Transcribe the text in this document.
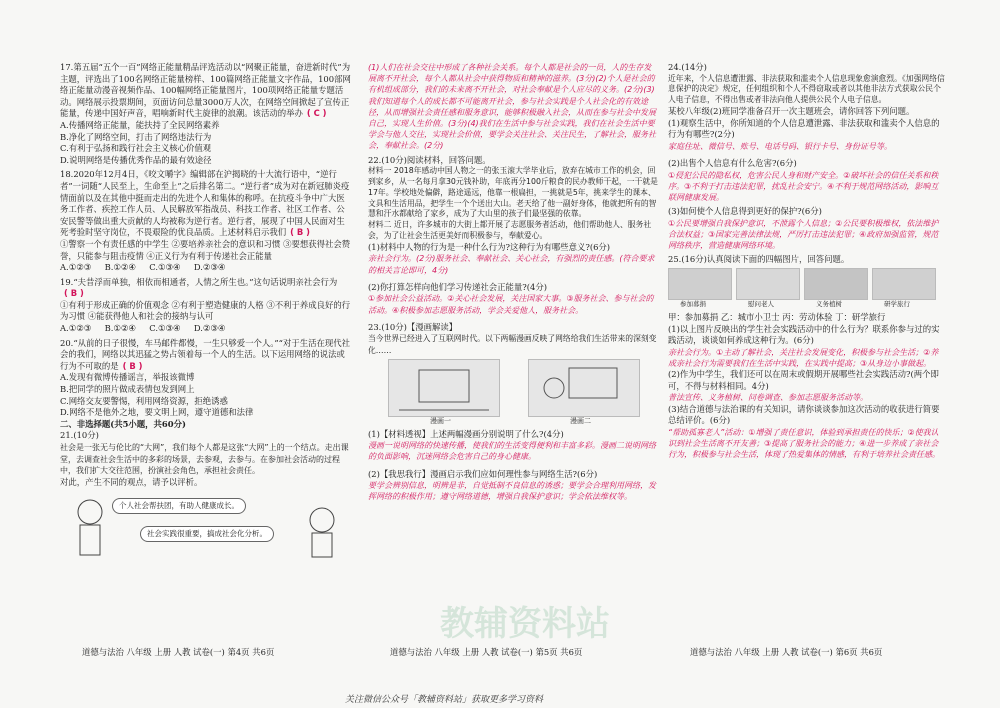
17.第五届“五个一百”网络正能量精品评选活动以“网聚正能量，奋进新时代”为主题，评选出了100名网络正能量榜样、100篇网络正能量文字作品，100部网络正能量动漫音视频作品、100幅网络正能量图片，100项网络正能量专题活动。网络展示投票期间，页面访问总量3000万人次，在网络空间掀起了宣传正能量，传递中国好声音，唱响新时代主旋律的浪潮。该活动的举办 ( C )

A.传播网络正能量，能扶持了全民网络素养

B.净化了网络空间，打击了网络违法行为

C.有利于弘扬和践行社会主义核心价值观

D.说明网络是传播优秀作品的最有效途径

18.2020年12月4日，《咬文嚼字》编辑部在沪揭晓的十大流行语中，“逆行者”一词随“人民至上，生命至上”之后排名第二。“逆行者”成为对在新冠肺炎疫情面前以及在其他中挺而走出的先进个人和集体的称呼。在抗疫斗争中广大医务工作者、疾控工作人员、人民解放军指战员、科技工作者、社区工作者、公安民警等做出重大贡献的人均被称为逆行者。逆行者，展现了中国人民面对生死考验时坚守岗位，不畏艰险的优良品质。上述材料启示我们 ( B )

①警察一个有责任感的中学生 ②要培养亲社会的意识和习惯 ③要想获得社会赞誉，只能参与阻击疫情 ④正义行为有利于传递社会正能量

A.①②③ B.①②④ C.①③④ D.②③④

19.“夫昔浮而单独，相依而相通者，人情之所生也。”这句话说明亲社会行为( B )

①有利于形成正确的价值观念 ②有利于塑造健康的人格 ③不利于养成良好的行为习惯 ④能获得他人和社会的接纳与认可

A.①②③ B.①②④ C.①③④ D.②③④

20.“从前的日子很慢，车马邮件都慢，一生只够爱一个人。”“对于生活在现代社会的我们，网络以其迅猛之势占领着每一个人的生活。以下运用网络的说法或行为不可取的是 ( B )

A.发现有微博传播谣言，举报该微博

B.把同学的照片做成表情包发到网上

C.网络交友要警惕，利用网络资源，拒绝诱惑

D.网络不是他外之地，要文明上网，遵守道德和法律

二、非选择题(共5小题，共60分)

21.(10分)

社会是一张无与伦比的“大网”，我们每个人都是这张“大网”上的一个结点。走出课堂，去调查社会生活中的多彩的场景，去参观，去参与。在参加社会活动的过程中，我们扩大交往范围，扮演社会角色，承担社会责任。

对此，产生不同的观点，请予以评析。

个人社会帮扶团，有助人健康成长。
社会实践很重要，搞成社会化分析。

(1)人们在社会交往中形成了各种社会关系。每个人都是社会的一员，人的生存发展离不开社会，每个人都从社会中获得物质和精神的滋养。(3分)(2)个人是社会的有机组成部分，我们的未来离不开社会，对社会奉献是个人应尽的义务。(2分)(3)我们知道每个人的成长都不可能离开社会，参与社会实践是个人社会化的有效途径，从而增强社会责任感和服务意识，能够积极融入社会，从而在参与社会中发展自己，实现人生价值。(3分)(4)我们在生活中参与社会实践，我们在社会生活中要学会与他人交往，实现社会价值，要学会关注社会、关注民生，了解社会，服务社会，奉献社会。(2分)

22.(10分)阅读材料，回答问题。

材料一 2018年感动中国人物之一的张玉滚大学毕业后，放弃在城市工作的机会，回到家乡，从一名每月拿30元钱补助，年底再分100斤粮食的民办教师干起，一干就是17年。学校地处偏僻，路途遥远，他靠一根扁担，一挑就是5年，挑来学生的课本、文具和生活用品，把学生一个个送出大山。老天给了他一副好身体，他就把所有的智慧和汗水都献给了家乡，成为了大山里的孩子们最坚强的依靠。

材料二 近日，许多城市的大街上都开展了志愿服务者活动，他们帮助他人、服务社会，为了让社会生活更美好而积极参与，奉献爱心。

(1)材料中人物的行为是一种什么行为?这种行为有哪些意义?(6分)

亲社会行为。(2分)服务社会、奉献社会、关心社会，有强烈的责任感。(符合要求的相关言论即可，4分)

(2)你打算怎样向他们学习传递社会正能量?(4分)

①参加社会公益活动。②关心社会发展，关注国家大事。③服务社会、参与社会的活动。④积极参加志愿服务活动，学会关爱他人，服务社会。

23.(10分)【漫画解读】

当今世界已经进入了互联网时代。以下两幅漫画反映了网络给我们生活带来的深刻变化……

漫画一	漫画二

(1)【材料透视】上述两幅漫画分别说明了什么?(4分)

漫画一说明网络的快速传播，使我们的生活变得便利和丰富多彩。漫画二说明网络的负面影响，沉迷网络会危害自己的身心健康。

(2)【我思我行】漫画启示我们应如何理性参与网络生活?(6分)

要学会辨别信息，明辨是非，自觉抵制不良信息的诱惑；要学会合理利用网络，发挥网络的积极作用；遵守网络道德，增强自我保护意识；学会依法维权等。

24.(14分)

近年来，个人信息遭泄露、非法获取和滥卖个人信息现象愈演愈烈。《加强网络信息保护的决定》规定，任何组织和个人不得窃取或者以其他非法方式获取公民个人电子信息，不得出售或者非法向他人提供公民个人电子信息。

某校八年级(2)班同学准备召开一次主题班会，请你回答下列问题。

(1)观察生活中，你所知道的个人信息遭泄露、非法获取和滥卖个人信息的行为有哪些?(2分)

家庭住址、微信号、账号、电话号码、银行卡号、身份证号等。

(2)出售个人信息有什么危害?(6分)

①侵犯公民的隐私权，危害公民人身和财产安全。②破坏社会的信任关系和秩序。③不利于打击违法犯罪，扰乱社会安宁。④不利于规范网络活动，影响互联网健康发展。

(3)如何使个人信息得到更好的保护?(6分)

①公民要增强自我保护意识，不泄露个人信息；②公民要积极维权，依法维护合法权益；③国家完善法律法规，严厉打击违法犯罪；④政府加强监管，规范网络秩序，营造健康网络环境。

25.(16分)认真阅读下面的四幅图片，回答问题。

参加募捐	慰问老人	义务植树	研学旅行

甲：参加募捐 乙：城市小卫士 丙：劳动体验 丁：研学旅行

(1)以上图片反映出的学生社会实践活动中的什么行为？联系你参与过的实践活动，谈谈如何养成这种行为。(6分)

亲社会行为。①主动了解社会，关注社会发展变化，积极参与社会生活；②养成亲社会行为需要我们在生活中实践，在实践中提高；③从身边小事做起。

(2)作为中学生，我们还可以在周末或假期开展哪些社会实践活动?(两个即可，不得与材料相同。4分)

普法宣传、义务植树、问卷调查、参加志愿服务活动等。

(3)结合道德与法治课的有关知识，请你谈谈参加这次活动的收获进行简要总结评价。(6分)

“帮助孤寡老人”活动：①增强了责任意识，体验到承担责任的快乐；②使我认识到社会生活离不开友善；③提高了服务社会的能力；④进一步养成了亲社会行为，积极参与社会生活，体现了热爱集体的情感，有利于培养社会责任感。

道德与法治 八年级 上册 人教 试卷(一) 第4页 共6页	道德与法治 八年级 上册 人教 试卷(一) 第5页 共6页	道德与法治 八年级 上册 人教 试卷(一) 第6页 共6页
关注微信公众号「教辅资料站」获取更多学习资料
教辅资料站
